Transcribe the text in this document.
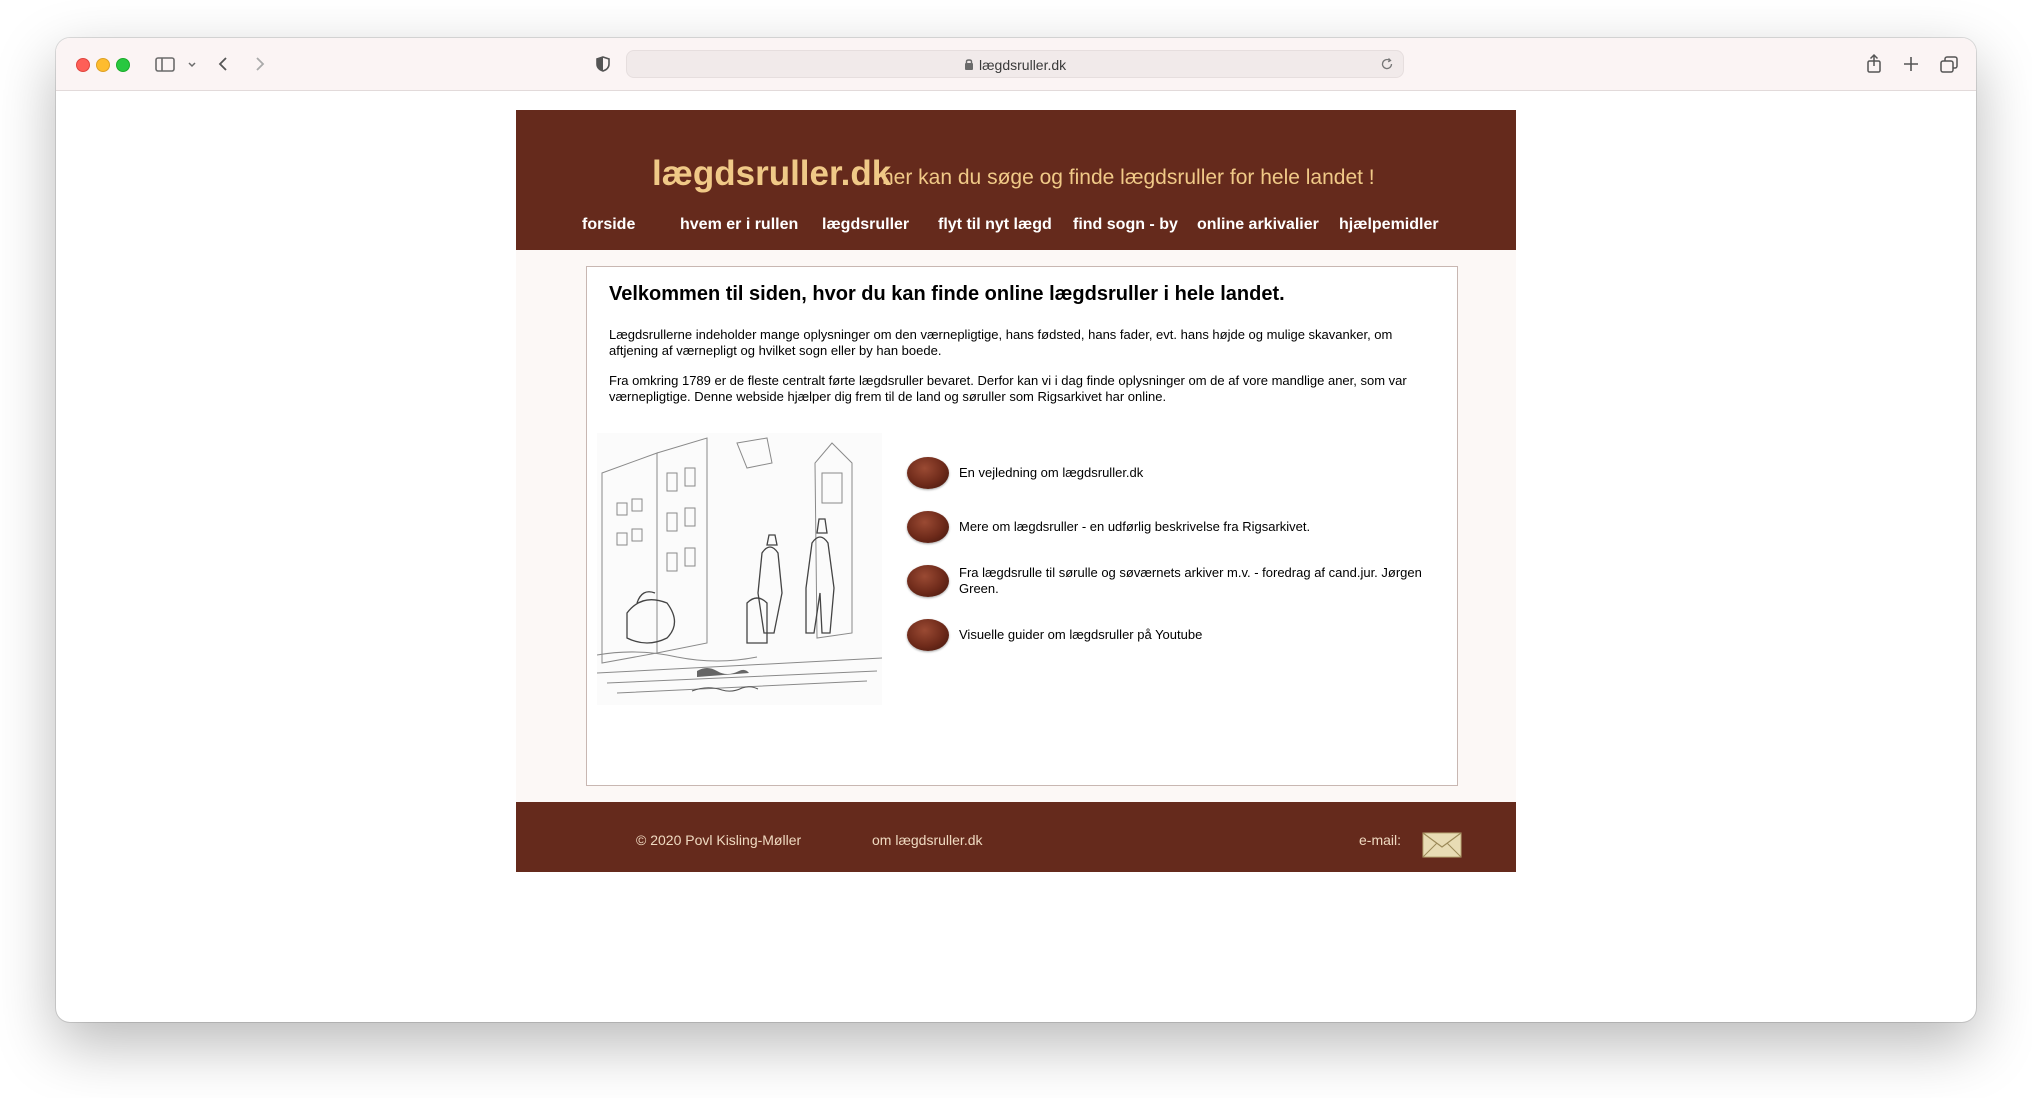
lægdsruller.dk
lægdsruller.dk
her kan du søge og finde lægdsruller for hele landet !
forside	hvem er i rullen lægdsruller flyt til nyt lægd find sogn - by online arkivalier hjælpemidler
Velkommen til siden, hvor du kan finde online lægdsruller i hele landet.

Lægdsrullerne indeholder mange oplysninger om den værnepligtige, hans fødsted, hans fader, evt. hans højde og mulige skavanker, om aftjening af værnepligt og hvilket sogn eller by han boede.

Fra omkring 1789 er de fleste centralt førte lægdsruller bevaret. Derfor kan vi i dag finde oplysninger om de af vore mandlige aner, som var værnepligtige. Denne webside hjælper dig frem til de land og søruller som Rigsarkivet har online.

En vejledning om lægdsruller.dk
Mere om lægdsruller - en udførlig beskrivelse fra Rigsarkivet.
Fra lægdsrulle til sørulle og søværnets arkiver m.v. - foredrag af cand.jur. Jørgen Green.
Visuelle guider om lægdsruller på Youtube
© 2020 Povl Kisling-Møller	om lægdsruller.dk	e-mail:
